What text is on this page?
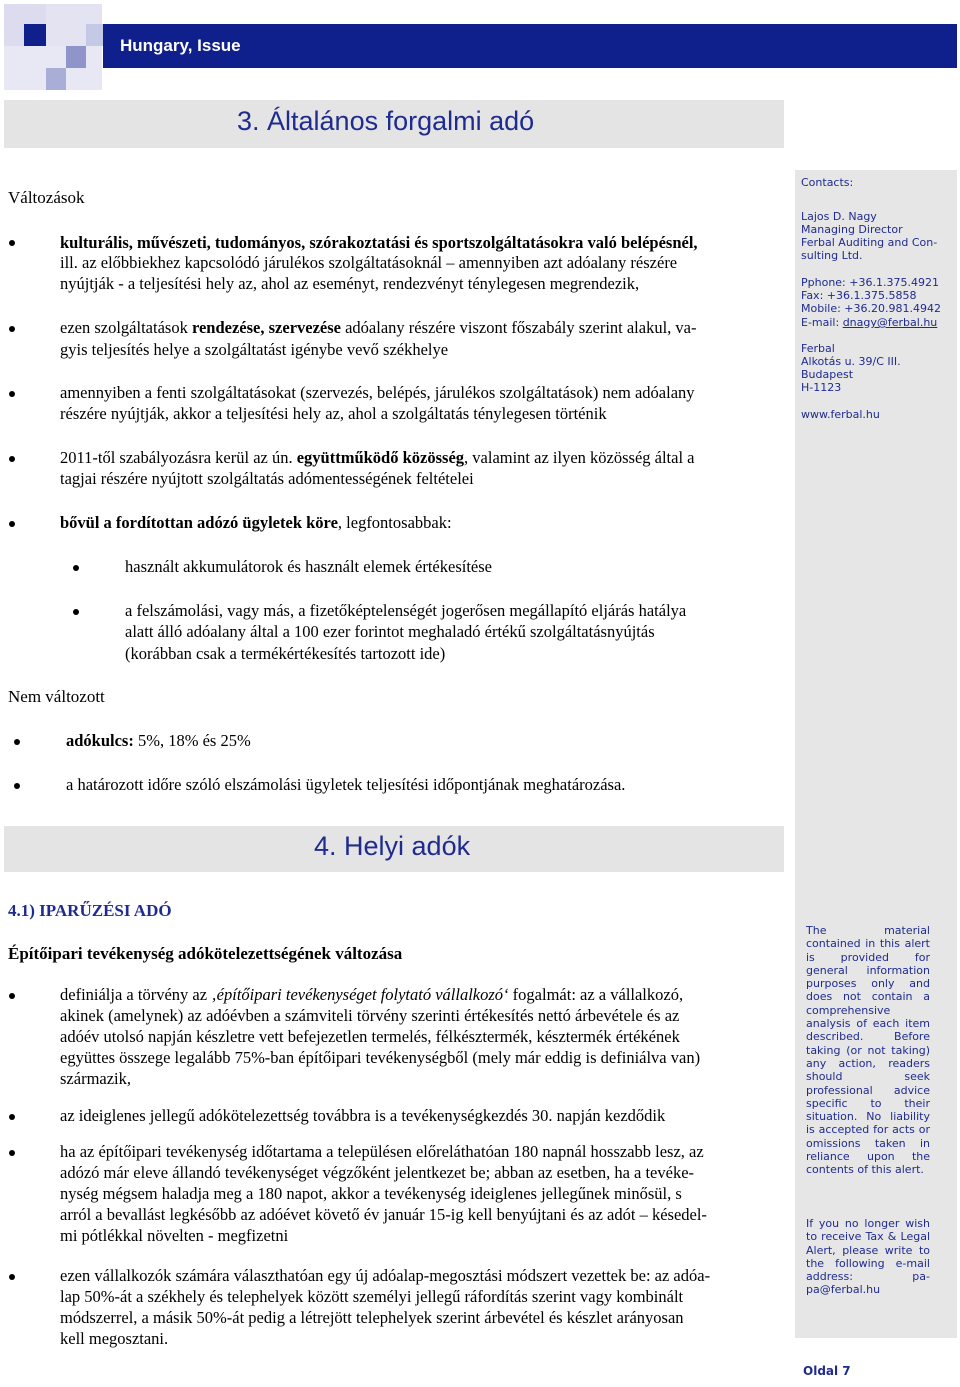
Hungary, Issue
3. Általános forgalmi adó
Contacts:
Lajos D. Nagy
Managing Director
Ferbal Auditing and Con-
sulting Ltd.
Pphone: +36.1.375.4921
Fax: +36.1.375.5858
Mobile: +36.20.981.4942
E-mail: dnagy@ferbal.hu
Ferbal
Alkotás u. 39/C III.
Budapest
H-1123
www.ferbal.hu
The material contained in this alert is provided for general information purposes only and does not contain a comprehensive analysis of each item described. Before taking (or not taking) any action, readers should seek professional advice specific to their situation. No liability is accepted for acts or omissions taken in reliance upon the contents of this alert.
If you no longer wish to receive Tax & Legal Alert, please write to the following e-mail address: pa-pa@ferbal.hu
Oldal 7
Változások
kulturális, művészeti, tudományos, szórakoztatási és sportszolgáltatásokra való belépésnél,
ill. az előbbiekhez kapcsolódó járulékos szolgáltatásoknál – amennyiben azt adóalany részére
nyújtják - a teljesítési hely az, ahol az eseményt, rendezvényt ténylegesen megrendezik,
ezen szolgáltatások rendezése, szervezése adóalany részére viszont főszabály szerint alakul, va-
gyis teljesítés helye a szolgáltatást igénybe vevő székhelye
amennyiben a fenti szolgáltatásokat (szervezés, belépés, járulékos szolgáltatások) nem adóalany
részére nyújtják, akkor a teljesítési hely az, ahol a szolgáltatás ténylegesen történik
2011-től szabályozásra kerül az ún. együttműködő közösség, valamint az ilyen közösség által a
tagjai részére nyújtott szolgáltatás adómentességének feltételei
bővül a fordítottan adózó ügyletek köre, legfontosabbak:
használt akkumulátorok és használt elemek értékesítése
a felszámolási, vagy más, a fizetőképtelenségét jogerősen megállapító eljárás hatálya
alatt álló adóalany által a 100 ezer forintot meghaladó értékű szolgáltatásnyújtás
(korábban csak a termékértékesítés tartozott ide)
Nem változott
adókulcs: 5%, 18% és 25%
a határozott időre szóló elszámolási ügyletek teljesítési időpontjának meghatározása.
4. Helyi adók
4.1) IPARŰZÉSI ADÓ
Építőipari tevékenység adókötelezettségének változása
definiálja a törvény az ‚építőipari tevékenységet folytató vállalkozó‘ fogalmát: az a vállalkozó,
akinek (amelynek) az adóévben a számviteli törvény szerinti értékesítés nettó árbevétele és az
adóév utolsó napján készletre vett befejezetlen termelés, félkésztermék, késztermék értékének
együttes összege legalább 75%-ban építőipari tevékenységből (mely már eddig is definiálva van)
származik,
az ideiglenes jellegű adókötelezettség továbbra is a tevékenységkezdés 30. napján kezdődik
ha az építőipari tevékenység időtartama a településen előreláthatóan 180 napnál hosszabb lesz, az
adózó már eleve állandó tevékenységet végzőként jelentkezet be; abban az esetben, ha a tevéke-
nység mégsem haladja meg a 180 napot, akkor a tevékenység ideiglenes jellegűnek minősül, s
arról a bevallást legkésőbb az adóévet követő év január 15-ig kell benyújtani és az adót – késedel-
mi pótlékkal növelten - megfizetni
ezen vállalkozók számára választhatóan egy új adóalap-megosztási módszert vezettek be: az adóa-
lap 50%-át a székhely és telephelyek között személyi jellegű ráfordítás szerint vagy kombinált
módszerrel, a másik 50%-át pedig a létrejött telephelyek szerint árbevétel és készlet arányosan
kell megosztani.
